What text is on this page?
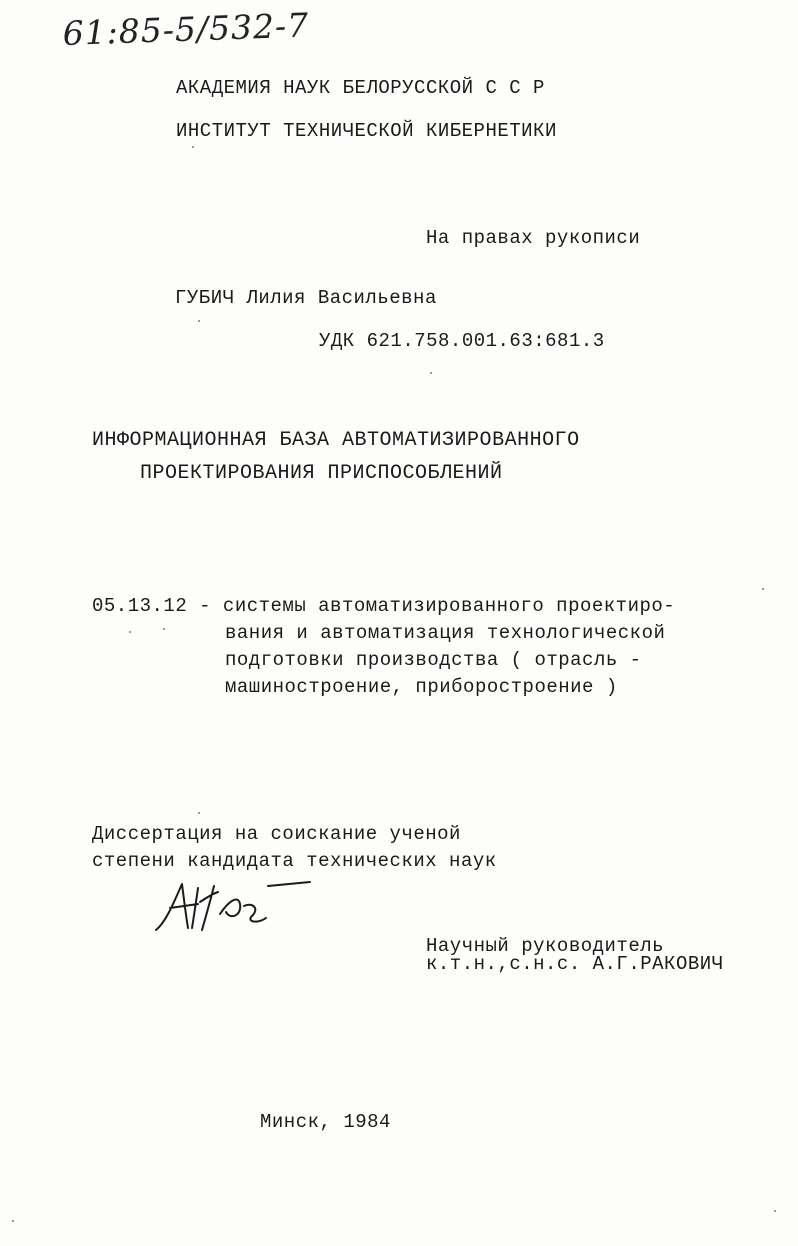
61:85-5/532-7
АКАДЕМИЯ НАУК БЕЛОРУССКОЙ С С Р
ИНСТИТУТ ТЕХНИЧЕСКОЙ КИБЕРНЕТИКИ
На правах рукописи
ГУБИЧ Лилия Васильевна
УДК 621.758.001.63:681.3
ИНФОРМАЦИОННАЯ БАЗА АВТОМАТИЗИРОВАННОГО
ПРОЕКТИРОВАНИЯ ПРИСПОСОБЛЕНИЙ
05.13.12 - системы автоматизированного проектиро-
вания и автоматизация технологической
подготовки производства ( отрасль -
машиностроение, приборостроение )
Диссертация на соискание ученой
степени кандидата технических наук
Научный руководитель
к.т.н.,с.н.с. А.Г.РАКОВИЧ
Минск, 1984
